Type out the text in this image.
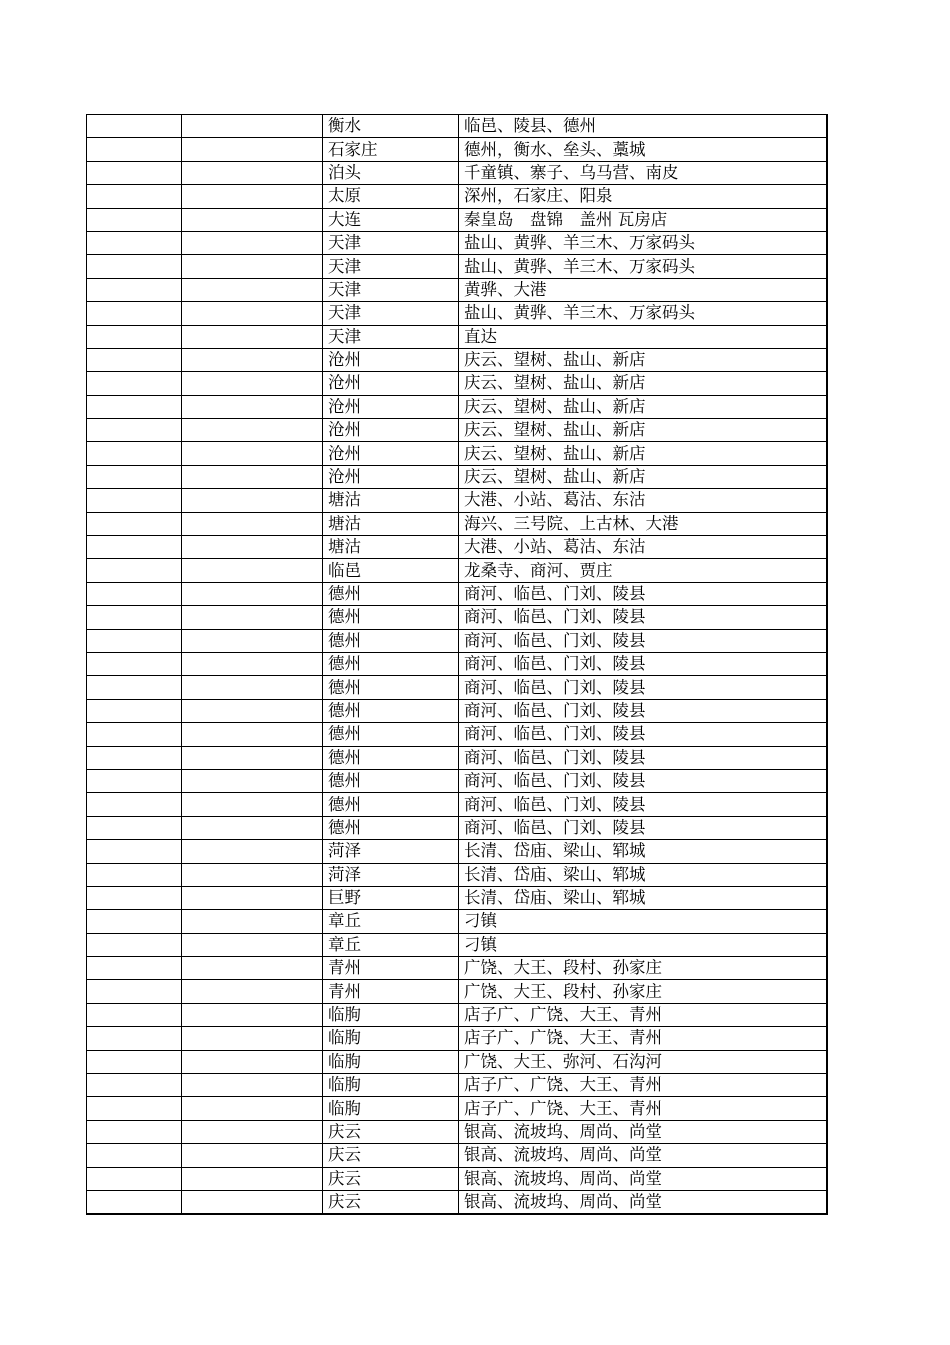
		衡水	临邑、陵县、德州
		石家庄	德州，衡水、垒头、藁城
		泊头	千童镇、寨子、乌马营、南皮
		太原	深州，石家庄、阳泉
		大连	秦皇岛　盘锦　盖州 瓦房店
		天津	盐山、黄骅、羊三木、万家码头
		天津	盐山、黄骅、羊三木、万家码头
		天津	黄骅、大港
		天津	盐山、黄骅、羊三木、万家码头
		天津	直达
		沧州	庆云、望树、盐山、新店
		沧州	庆云、望树、盐山、新店
		沧州	庆云、望树、盐山、新店
		沧州	庆云、望树、盐山、新店
		沧州	庆云、望树、盐山、新店
		沧州	庆云、望树、盐山、新店
		塘沽	大港、小站、葛沽、东沽
		塘沽	海兴、三号院、上古林、大港
		塘沽	大港、小站、葛沽、东沽
		临邑	龙桑寺、商河、贾庄
		德州	商河、临邑、门刘、陵县
		德州	商河、临邑、门刘、陵县
		德州	商河、临邑、门刘、陵县
		德州	商河、临邑、门刘、陵县
		德州	商河、临邑、门刘、陵县
		德州	商河、临邑、门刘、陵县
		德州	商河、临邑、门刘、陵县
		德州	商河、临邑、门刘、陵县
		德州	商河、临邑、门刘、陵县
		德州	商河、临邑、门刘、陵县
		德州	商河、临邑、门刘、陵县
		菏泽	长清、岱庙、梁山、郓城
		菏泽	长清、岱庙、梁山、郓城
		巨野	长清、岱庙、梁山、郓城
		章丘	刁镇
		章丘	刁镇
		青州	广饶、大王、段村、孙家庄
		青州	广饶、大王、段村、孙家庄
		临朐	店子广、广饶、大王、青州
		临朐	店子广、广饶、大王、青州
		临朐	广饶、大王、弥河、石沟河
		临朐	店子广、广饶、大王、青州
		临朐	店子广、广饶、大王、青州
		庆云	银高、流坡坞、周尚、尚堂
		庆云	银高、流坡坞、周尚、尚堂
		庆云	银高、流坡坞、周尚、尚堂
		庆云	银高、流坡坞、周尚、尚堂
